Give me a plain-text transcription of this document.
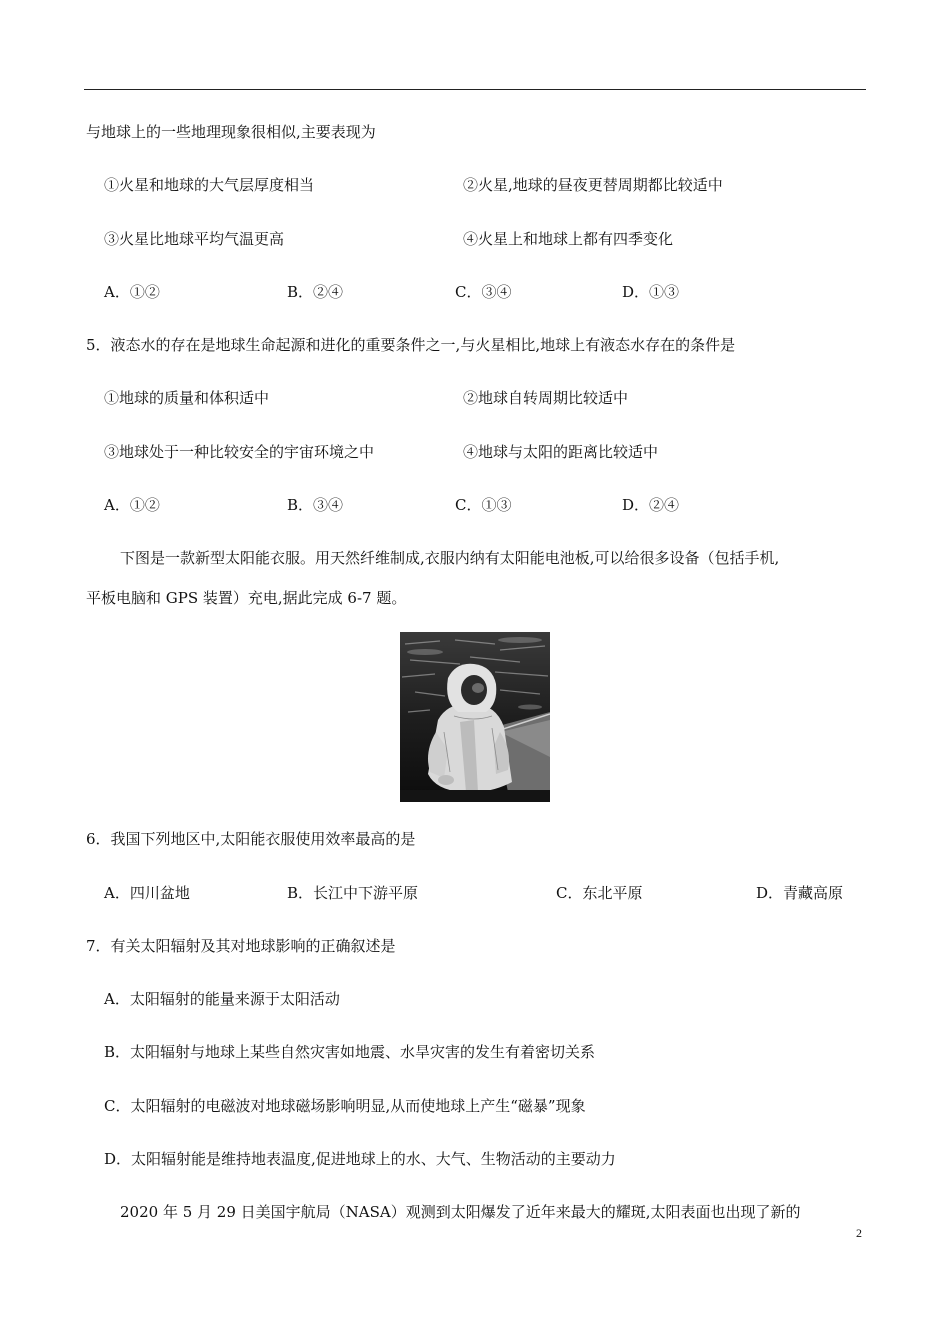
与地球上的一些地理现象很相似,主要表现为
①火星和地球的大气层厚度相当	②火星,地球的昼夜更替周期都比较适中
③火星比地球平均气温更高	④火星上和地球上都有四季变化
A．①②	B．②④	C．③④	D．①③
5．液态水的存在是地球生命起源和进化的重要条件之一,与火星相比,地球上有液态水存在的条件是
①地球的质量和体积适中	②地球自转周期比较适中
③地球处于一种比较安全的宇宙环境之中	④地球与太阳的距离比较适中
A．①②	B．③④	C．①③	D．②④
下图是一款新型太阳能衣服。用天然纤维制成,衣服内纳有太阳能电池板,可以给很多设备（包括手机,
平板电脑和 GPS 装置）充电,据此完成 6-7 题。
6．我国下列地区中,太阳能衣服使用效率最高的是
A．四川盆地	B．长江中下游平原	C．东北平原	D．青藏高原
7．有关太阳辐射及其对地球影响的正确叙述是
A．太阳辐射的能量来源于太阳活动
B．太阳辐射与地球上某些自然灾害如地震、水旱灾害的发生有着密切关系
C．太阳辐射的电磁波对地球磁场影响明显,从而使地球上产生“磁暴”现象
D．太阳辐射能是维持地表温度,促进地球上的水、大气、生物活动的主要动力
2020 年 5 月 29 日美国宇航局（NASA）观测到太阳爆发了近年来最大的耀斑,太阳表面也出现了新的
2
